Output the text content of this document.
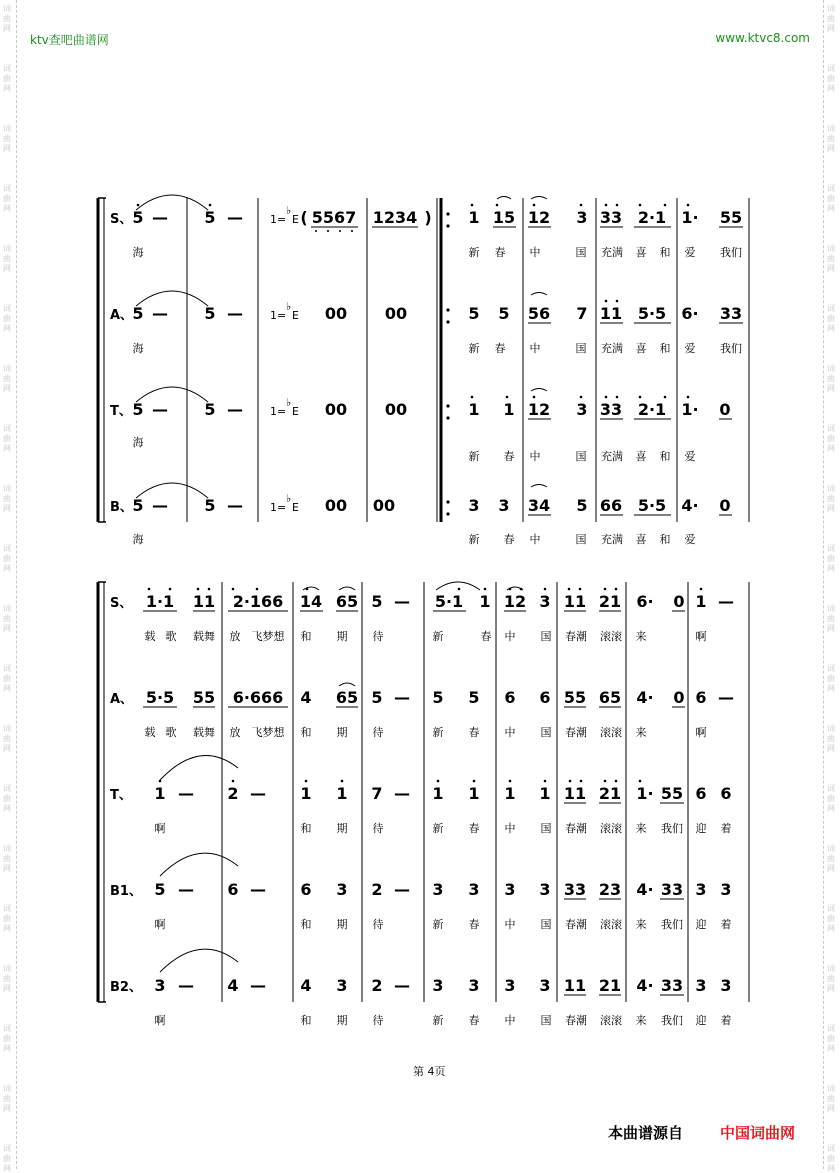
词
曲
网
词
曲
网
词
曲
网
词
曲
网
词
曲
网
词
曲
网
词
曲
网
词
曲
网
词
曲
网
词
曲
网
词
曲
网
词
曲
网
词
曲
网
词
曲
网
词
曲
网
词
曲
网
词
曲
网
词
曲
网
词
曲
网
词
曲
网
词
曲
网
词
曲
网
词
曲
网
词
曲
网
词
曲
网
词
曲
网
词
曲
网
词
曲
网
词
曲
网
词
曲
网
词
曲
网
词
曲
网
词
曲
网
词
曲
网
词
曲
网
词
曲
网
词
曲
网
词
曲
网
词
曲
网
词
曲
网
ktv查吧曲谱网	www.ktvc8.com
S、 5 — 5 — 1=
♭
E ( 5567 1234 ) 1 15 12 3 33 2·1 1· 55
海	新 春 中	国 充满 喜 和 爱 我们
A、 5 — 5 — 1=
♭
E 00 00	5 5 56 7 11 5·5 6· 33
海	新 春 中	国 充满 喜 和 爱 我们
T、 5 — 5 — 1=
♭
E 00 00	1 1 12 3 33 2·1 1· 0
海
新 春 中	国 充满 喜 和 爱
B、 5 — 5 — 1=
♭
E 00 00	3 3 34 5 66 5·5 4· 0
海	新 春 中	国 充满 喜 和 爱
S、 1·1 11 2·166 14 65 5 — 5·1 1 12 3 11 21 6· 0 1 —
载 歌 载舞 放 飞梦想 和 期 待	新	春 中 国 春潮 滚滚 来	啊
A、 5·5 55 6·666 4 65 5 — 5 5 6 6 55 65 4· 0 6 —
载 歌 载舞 放 飞梦想 和 期 待	新 春 中 国 春潮 滚滚 来	啊
T、 1 — 2 — 1 1 7 — 1 1 1 1 11 21 1· 55 6 6
啊	和 期 待	新 春 中 国 春潮 滚滚 来 我们 迎 着
B1、 5 — 6 — 6 3 2 — 3 3 3 3 33 23 4· 33 3 3
啊	和 期 待	新 春 中 国 春潮 滚滚 来 我们 迎 着
B2、 3 — 4 — 4 3 2 — 3 3 3 3 11 21 4· 33 3 3
啊	和 期 待	新 春 中 国 春潮 滚滚 来 我们 迎 着
第 4页
本曲谱源自 中国词曲网
